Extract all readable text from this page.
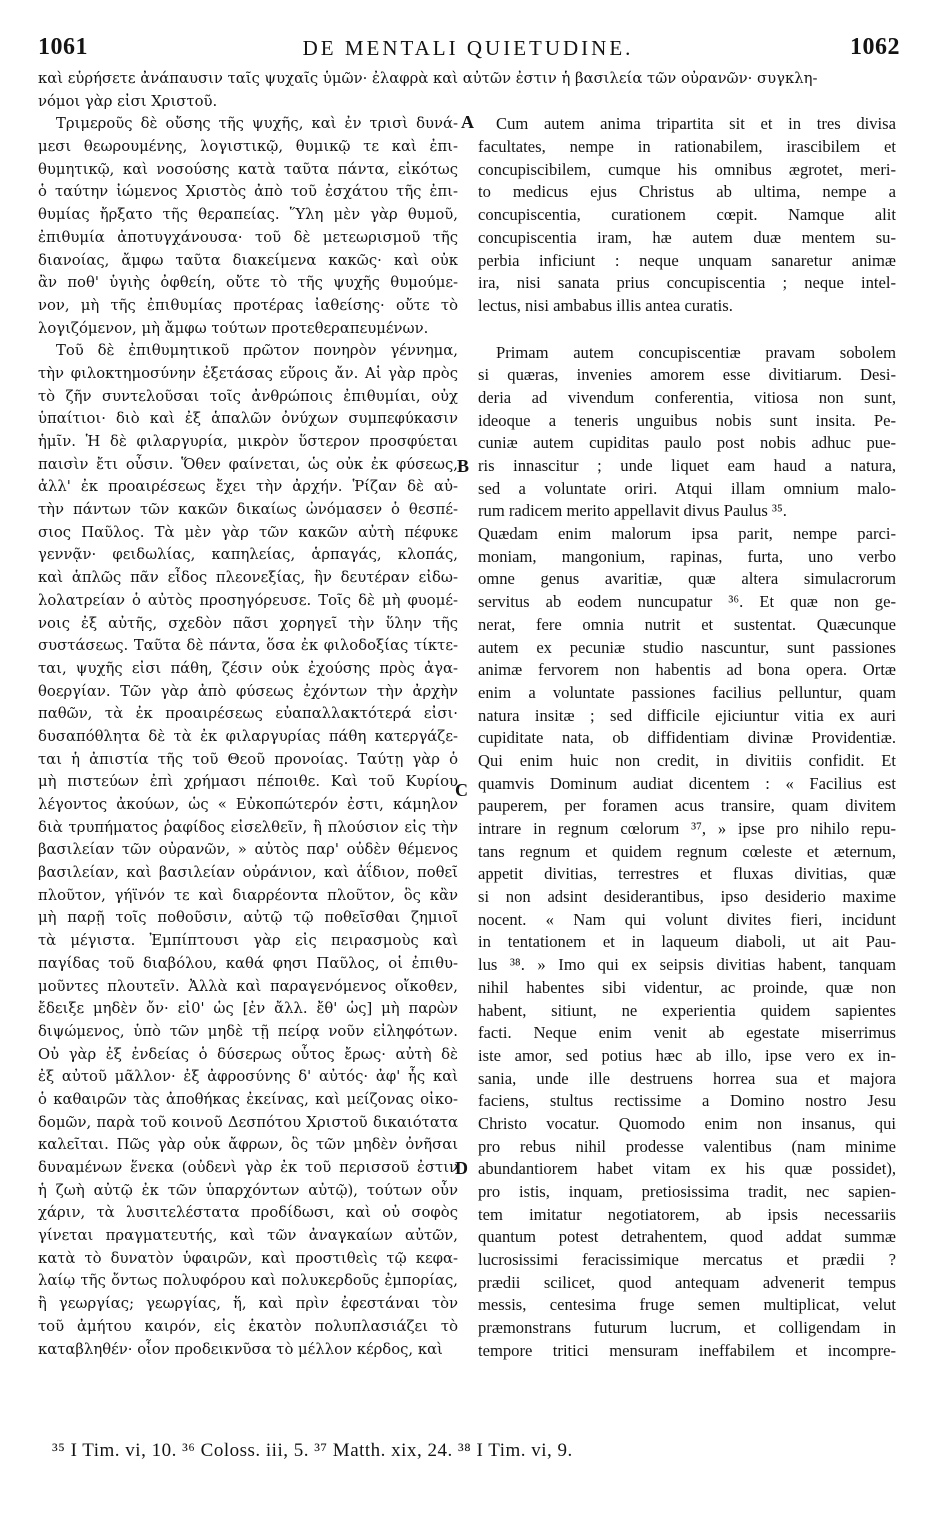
1061	DE MENTALI QUIETUDINE.	1062
καὶ εὑρήσετε ἀνάπαυσιν ταῖς ψυχαῖς ὑμῶν· ἐλαφρὰ καὶ αὐτῶν ἐστιν ἡ βασιλεία τῶν οὐρανῶν· συγκλη-
νόμοι γὰρ εἰσι Χριστοῦ.
Τριμεροῦς δὲ οὔσης τῆς ψυχῆς, καὶ ἐν τρισὶ δυνά-
μεσι θεωρουμένης, λογιστικῷ, θυμικῷ τε καὶ ἐπι-
θυμητικῷ, καὶ νοσούσης κατὰ ταῦτα πάντα, εἰκότως
ὁ ταύτην ἰώμενος Χριστὸς ἀπὸ τοῦ ἐσχάτου τῆς ἐπι-
θυμίας ἤρξατο τῆς θεραπείας. Ὕλη μὲν γὰρ θυμοῦ,
ἐπιθυμία ἀποτυγχάνουσα· τοῦ δὲ μετεωρισμοῦ τῆς
διανοίας, ἄμφω ταῦτα διακείμενα κακῶς· καὶ οὐκ
ἂν ποθ' ὑγιὴς ὀφθείη, οὔτε τὸ τῆς ψυχῆς θυμούμε-
νον, μὴ τῆς ἐπιθυμίας προτέρας ἰαθείσης· οὔτε τὸ
λογιζόμενον, μὴ ἄμφω τούτων προτεθεραπευμένων.
Τοῦ δὲ ἐπιθυμητικοῦ πρῶτον πονηρὸν γέννημα,
τὴν φιλοκτημοσύνην ἐξετάσας εὕροις ἄν. Αἱ γὰρ πρὸς
τὸ ζῆν συντελοῦσαι τοῖς ἀνθρώποις ἐπιθυμίαι, οὐχ
ὑπαίτιοι· διὸ καὶ ἐξ ἁπαλῶν ὀνύχων συμπεφύκασιν
ἡμῖν. Ἡ δὲ φιλαργυρία, μικρὸν ὕστερον προσφύεται
παισὶν ἔτι οὖσιν. Ὅθεν φαίνεται, ὡς οὐκ ἐκ φύσεως,
ἀλλ' ἐκ προαιρέσεως ἔχει τὴν ἀρχήν. Ῥίζαν δὲ αὐ-
τὴν πάντων τῶν κακῶν δικαίως ὠνόμασεν ὁ θεσπέ-
σιος Παῦλος. Τὰ μὲν γὰρ τῶν κακῶν αὐτὴ πέφυκε
γεννᾷν· φειδωλίας, καπηλείας, ἁρπαγάς, κλοπάς,
καὶ ἁπλῶς πᾶν εἶδος πλεονεξίας, ἣν δευτέραν εἰδω-
λολατρείαν ὁ αὐτὸς προσηγόρευσε. Τοῖς δὲ μὴ φυομέ-
νοις ἐξ αὐτῆς, σχεδὸν πᾶσι χορηγεῖ τὴν ὕλην τῆς
συστάσεως. Ταῦτα δὲ πάντα, ὅσα ἐκ φιλοδοξίας τίκτε-
ται, ψυχῆς εἰσι πάθη, ζέσιν οὐκ ἐχούσης πρὸς ἀγα-
θοεργίαν. Τῶν γὰρ ἀπὸ φύσεως ἐχόντων τὴν ἀρχὴν
παθῶν, τὰ ἐκ προαιρέσεως εὐαπαλλακτότερά εἰσι·
δυσαπόθλητα δὲ τὰ ἐκ φιλαργυρίας πάθη κατεργάζε-
ται ἡ ἀπιστία τῆς τοῦ Θεοῦ προνοίας. Ταύτῃ γὰρ ὁ
μὴ πιστεύων ἐπὶ χρήμασι πέποιθε. Καὶ τοῦ Κυρίου
λέγοντος ἀκούων, ὡς « Εὐκοπώτερόν ἐστι, κάμηλον
διὰ τρυπήματος ῥαφίδος εἰσελθεῖν, ἢ πλούσιον εἰς τὴν
βασιλείαν τῶν οὐρανῶν, » αὐτὸς παρ' οὐδὲν θέμενος
βασιλείαν, καὶ βασιλείαν οὐράνιον, καὶ ἀΐδιον, ποθεῖ
πλοῦτον, γήϊνόν τε καὶ διαρρέοντα πλοῦτον, ὃς κἂν
μὴ παρῇ τοῖς ποθοῦσιν, αὐτῷ τῷ ποθεῖσθαι ζημιοῖ
τὰ μέγιστα. Ἐμπίπτουσι γὰρ εἰς πειρασμοὺς καὶ
παγίδας τοῦ διαβόλου, καθά φησι Παῦλος, οἱ ἐπιθυ-
μοῦντες πλουτεῖν. Ἀλλὰ καὶ παραγενόμενος οἴκοθεν,
ἔδειξε μηδὲν ὄν· εἰ0' ὡς [ἐν ἄλλ. ἔθ' ὡς] μὴ παρὼν
διψώμενος, ὑπὸ τῶν μηδὲ τῇ πείρᾳ νοῦν εἰληφότων.
Οὐ γὰρ ἐξ ἐνδείας ὁ δύσερως οὗτος ἔρως· αὐτὴ δὲ
ἐξ αὐτοῦ μᾶλλον· ἐξ ἀφροσύνης δ' αὐτός· ἀφ' ἧς καὶ
ὁ καθαιρῶν τὰς ἀποθήκας ἐκείνας, καὶ μείζονας οἰκο-
δομῶν, παρὰ τοῦ κοινοῦ Δεσπότου Χριστοῦ δικαιότατα
καλεῖται. Πῶς γὰρ οὐκ ἄφρων, ὃς τῶν μηδὲν ὀνῆσαι
δυναμένων ἕνεκα (οὐδενὶ γὰρ ἐκ τοῦ περισσοῦ ἐστιν
ἡ ζωὴ αὐτῷ ἐκ τῶν ὑπαρχόντων αὐτῷ), τούτων οὖν
χάριν, τὰ λυσιτελέστατα προδίδωσι, καὶ οὐ σοφὸς
γίνεται πραγματευτής, καὶ τῶν ἀναγκαίων αὐτῶν,
κατὰ τὸ δυνατὸν ὑφαιρῶν, καὶ προστιθεὶς τῷ κεφα-
λαίῳ τῆς ὄντως πολυφόρου καὶ πολυκερδοῦς ἐμπορίας,
ἢ γεωργίας; γεωργίας, ἥ, καὶ πρὶν ἐφεστάναι τὸν
τοῦ ἀμήτου καιρόν, εἰς ἑκατὸν πολυπλασιάζει τὸ
καταβληθέν· οἷον προδεικνῦσα τὸ μέλλον κέρδος, καὶ
Cum autem anima tripartita sit et in tres divisa
facultates, nempe in rationabilem, irascibilem et
concupiscibilem, cumque his omnibus ægrotet, meri-
to medicus ejus Christus ab ultima, nempe a
concupiscentia, curationem cœpit. Namque alit
concupiscentia iram, hæ autem duæ mentem su-
perbia inficiunt : neque unquam sanaretur animæ
ira, nisi sanata prius concupiscentia ; neque intel-
lectus, nisi ambabus illis antea curatis.
Primam autem concupiscentiæ pravam sobolem
si quæras, invenies amorem esse divitiarum. Desi-
deria ad vivendum conferentia, vitiosa non sunt,
ideoque a teneris unguibus nobis sunt insita. Pe-
cuniæ autem cupiditas paulo post nobis adhuc pue-
ris innascitur ; unde liquet eam haud a natura,
sed a voluntate oriri. Atqui illam omnium malo-
rum radicem merito appellavit divus Paulus ³⁵.
Quædam enim malorum ipsa parit, nempe parci-
moniam, mangonium, rapinas, furta, uno verbo
omne genus avaritiæ, quæ altera simulacrorum
servitus ab eodem nuncupatur ³⁶. Et quæ non ge-
nerat, fere omnia nutrit et sustentat. Quæcunque
autem ex pecuniæ studio nascuntur, sunt passiones
animæ fervorem non habentis ad bona opera. Ortæ
enim a voluntate passiones facilius pelluntur, quam
natura insitæ ; sed difficile ejiciuntur vitia ex auri
cupiditate nata, ob diffidentiam divinæ Providentiæ.
Qui enim huic non credit, in divitiis confidit. Et
quamvis Dominum audiat dicentem : « Facilius est
pauperem, per foramen acus transire, quam divitem
intrare in regnum cœlorum ³⁷, » ipse pro nihilo repu-
tans regnum et quidem regnum cœleste et æternum,
appetit divitias, terrestres et fluxas divitias, quæ
si non adsint desiderantibus, ipso desiderio maxime
nocent. « Nam qui volunt divites fieri, incidunt
in tentationem et in laqueum diaboli, ut ait Pau-
lus ³⁸. » Imo qui ex seipsis divitias habent, tanquam
nihil habentes sibi videntur, ac proinde, quæ non
habent, sitiunt, ne experientia quidem sapientes
facti. Neque enim venit ab egestate miserrimus
iste amor, sed potius hæc ab illo, ipse vero ex in-
sania, unde ille destruens horrea sua et majora
faciens, stultus rectissime a Domino nostro Jesu
Christo vocatur. Quomodo enim non insanus, qui
pro rebus nihil prodesse valentibus (nam minime
abundantiorem habet vitam ex his quæ possidet),
pro istis, inquam, pretiosissima tradit, nec sapien-
tem imitatur negotiatorem, ab ipsis necessariis
quantum potest detrahentem, quod addat summæ
lucrosissimi feracissimique mercatus et prædii ?
prædii scilicet, quod antequam advenerit tempus
messis, centesima fruge semen multiplicat, velut
præmonstrans futurum lucrum, et colligendam in
tempore tritici mensuram ineffabilem et incompre-
A
B
C
D
³⁵ I Tim. vi, 10. ³⁶ Coloss. iii, 5. ³⁷ Matth. xix, 24. ³⁸ I Tim. vi, 9.
